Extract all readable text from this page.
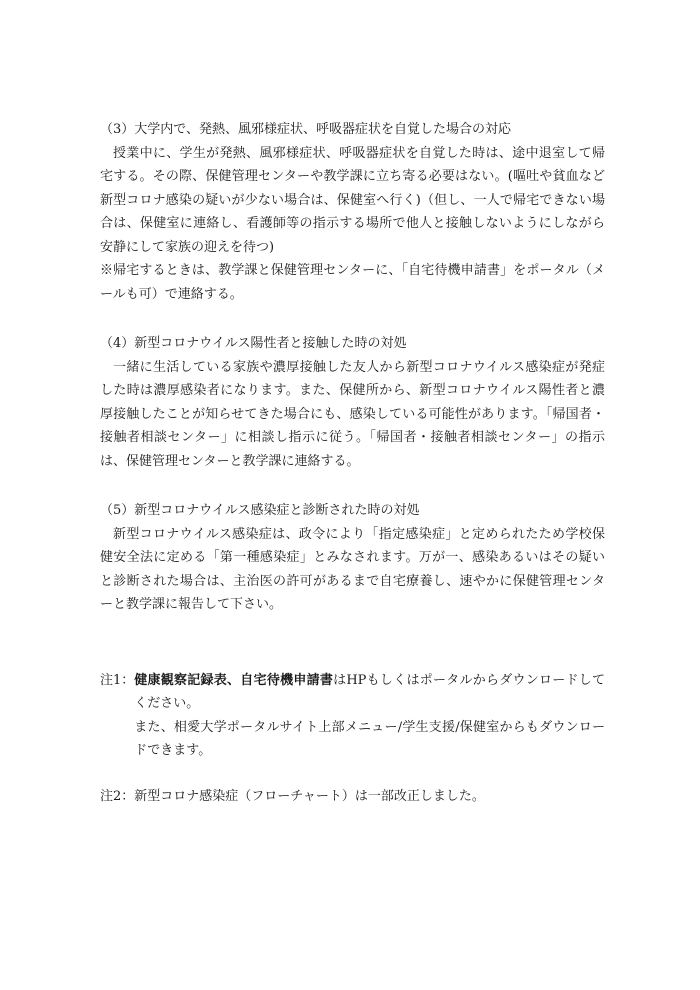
（3）大学内で、発熱、風邪様症状、呼吸器症状を自覚した場合の対応

授業中に、学生が発熱、風邪様症状、呼吸器症状を自覚した時は、途中退室して帰宅する。その際、保健管理センターや教学課に立ち寄る必要はない。(嘔吐や貧血など新型コロナ感染の疑いが少ない場合は、保健室へ行く)（但し、一人で帰宅できない場合は、保健室に連絡し、看護師等の指示する場所で他人と接触しないようにしながら安静にして家族の迎えを待つ)

※帰宅するときは、教学課と保健管理センターに、「自宅待機申請書」をポータル（メールも可）で連絡する。

（4）新型コロナウイルス陽性者と接触した時の対処

一緒に生活している家族や濃厚接触した友人から新型コロナウイルス感染症が発症した時は濃厚感染者になります。また、保健所から、新型コロナウイルス陽性者と濃厚接触したことが知らせてきた場合にも、感染している可能性があります。「帰国者・接触者相談センター」に相談し指示に従う。「帰国者・接触者相談センター」の指示は、保健管理センターと教学課に連絡する。

（5）新型コロナウイルス感染症と診断された時の対処

新型コロナウイルス感染症は、政令により「指定感染症」と定められたため学校保健安全法に定める「第一種感染症」とみなされます。万が一、感染あるいはその疑いと診断された場合は、主治医の許可があるまで自宅療養し、速やかに保健管理センターと教学課に報告して下さい。

注1： 健康観察記録表、自宅待機申請書はHPもしくはポータルからダウンロードしてください。

また、相愛大学ポータルサイト上部メニュー/学生支援/保健室からもダウンロードできます。

注2： 新型コロナ感染症（フローチャート）は一部改正しました。
